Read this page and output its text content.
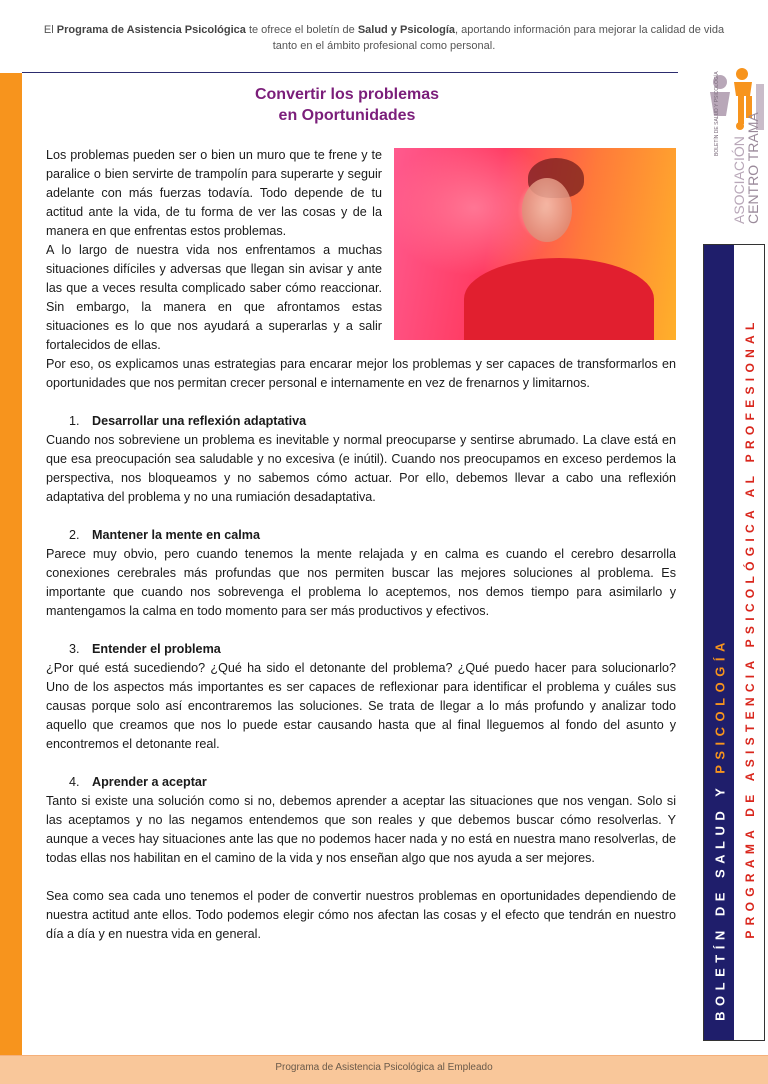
El Programa de Asistencia Psicológica te ofrece el boletín de Salud y Psicología, aportando información para mejorar la calidad de vida tanto en el ámbito profesional como personal.
BOLETÍN DE SALUD Y PSICOLOGÍA
ASOCIACIÓN
CENTRO TRAMA
BOLETÍN DE SALUD Y PSICOLOGÍA PROGRAMA DE ASISTENCIA PSICOLÓGICA AL PROFESIONAL
Convertir los problemas
en Oportunidades

Los problemas pueden ser o bien un muro que te frene y te paralice o bien servirte de trampolín para superarte y seguir adelante con más fuerzas todavía. Todo depende de tu actitud ante la vida, de tu forma de ver las cosas y de la manera en que enfrentas estos problemas.

A lo largo de nuestra vida nos enfrentamos a muchas situaciones difíciles y adversas que llegan sin avisar y ante las que a veces resulta complicado saber cómo reaccionar. Sin embargo, la manera en que afrontamos estas situaciones es lo que nos ayudará a superarlas y a salir fortalecidos de ellas.

Por eso, os explicamos unas estrategias para encarar mejor los problemas y ser capaces de transformarlos en oportunidades que nos permitan crecer personal e internamente en vez de frenarnos y limitarnos.

1. Desarrollar una reflexión adaptativa

Cuando nos sobreviene un problema es inevitable y normal preocuparse y sentirse abrumado. La clave está en que esa preocupación sea saludable y no excesiva (e inútil). Cuando nos preocupamos en exceso perdemos la perspectiva, nos bloqueamos y no sabemos cómo actuar. Por ello, debemos llevar a cabo una reflexión adaptativa del problema y no una rumiación desadaptativa.

2. Mantener la mente en calma

Parece muy obvio, pero cuando tenemos la mente relajada y en calma es cuando el cerebro desarrolla conexiones cerebrales más profundas que nos permiten buscar las mejores soluciones al problema. Es importante que cuando nos sobrevenga el problema lo aceptemos, nos demos tiempo para asimilarlo y mantengamos la calma en todo momento para ser más productivos y efectivos.

3. Entender el problema

¿Por qué está sucediendo? ¿Qué ha sido el detonante del problema? ¿Qué puedo hacer para solucionarlo? Uno de los aspectos más importantes es ser capaces de reflexionar para identificar el problema y cuáles sus causas porque solo así encontraremos las soluciones. Se trata de llegar a lo más profundo y analizar todo aquello que creamos que nos lo puede estar causando hasta que al final lleguemos al fondo del asunto y encontremos el detonante real.

4. Aprender a aceptar

Tanto si existe una solución como si no, debemos aprender a aceptar las situaciones que nos vengan. Solo si las aceptamos y no las negamos entendemos que son reales y que debemos buscar cómo resolverlas. Y aunque a veces hay situaciones ante las que no podemos hacer nada y no está en nuestra mano resolverlas, de todas ellas nos habilitan en el camino de la vida y nos enseñan algo que nos ayuda a ser mejores.

Sea como sea cada uno tenemos el poder de convertir nuestros problemas en oportunidades dependiendo de nuestra actitud ante ellos. Todo podemos elegir cómo nos afectan las cosas y el efecto que tendrán en nuestro día a día y en nuestra vida en general.

Programa de Asistencia Psicológica al Empleado
